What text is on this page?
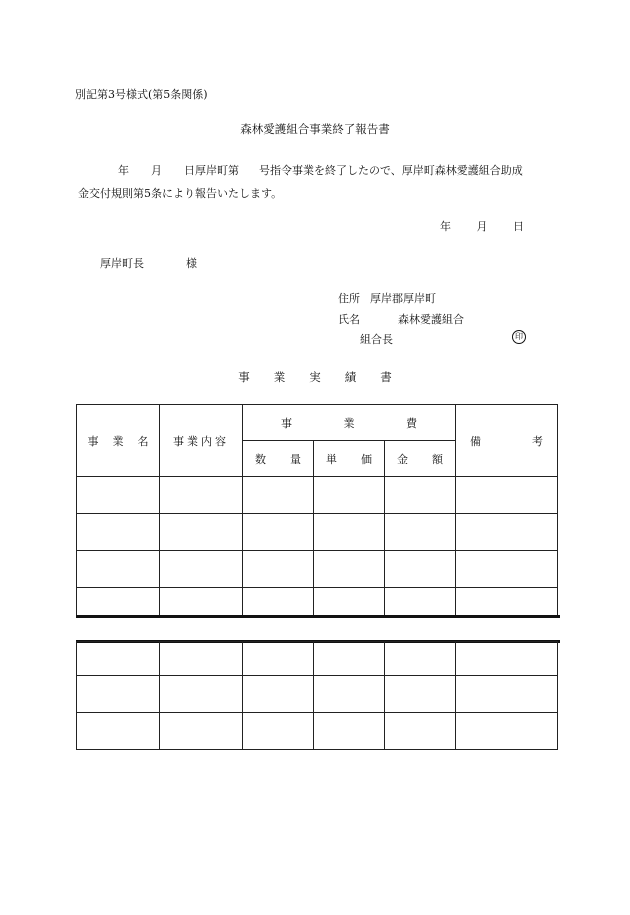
別記第3号様式(第5条関係)
森林愛護組合事業終了報告書
年 月 日厚岸町第 号指令事業を終了したので、厚岸町森林愛護組合助成
金交付規則第5条により報告いたします。
年 月 日
厚岸町長	様
住所 厚岸郡厚岸町
氏名	森林愛護組合
組合長	印
事 業 実 績 書
事 業 名	事業内容	事 業 費			備 考

		数 量	単 価	金 額	
